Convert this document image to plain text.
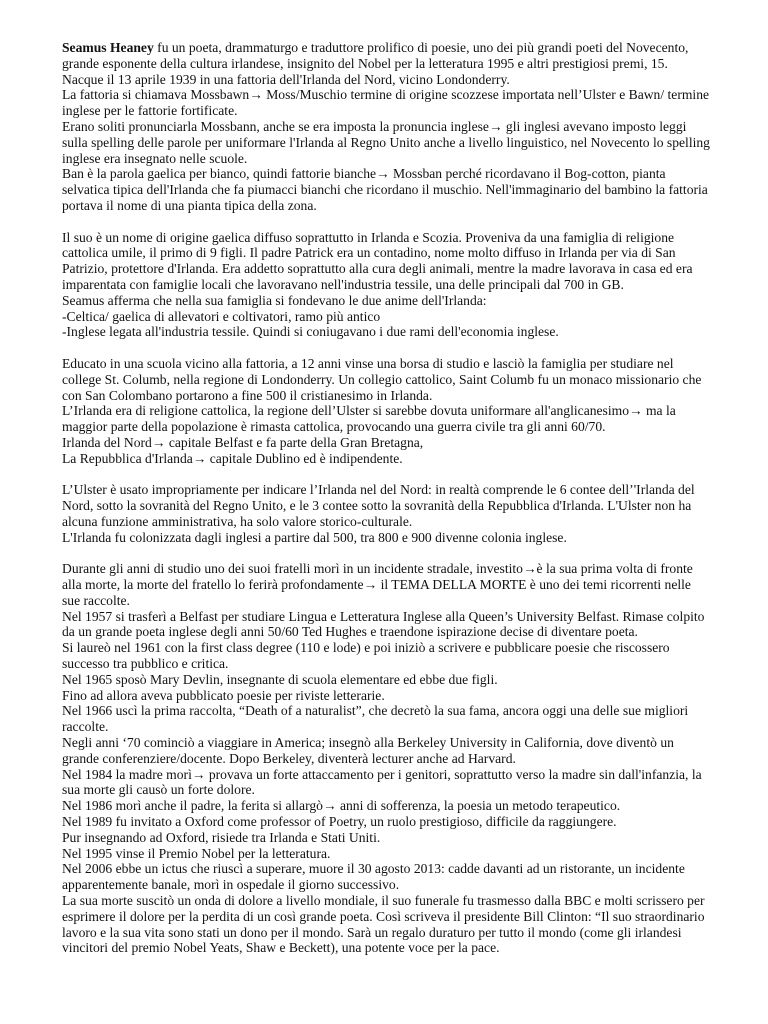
Seamus Heaney fu un poeta, drammaturgo e traduttore prolifico di poesie, uno dei più grandi poeti del Novecento, grande esponente della cultura irlandese, insignito del Nobel per la letteratura 1995 e altri prestigiosi premi, 15.

Nacque il 13 aprile 1939 in una fattoria dell'Irlanda del Nord, vicino Londonderry.

La fattoria si chiamava Mossbawn→ Moss/Muschio termine di origine scozzese importata nell’Ulster e Bawn/ termine inglese per le fattorie fortificate.

Erano soliti pronunciarla Mossbann, anche se era imposta la pronuncia inglese→ gli inglesi avevano imposto leggi sulla spelling delle parole per uniformare l'Irlanda al Regno Unito anche a livello linguistico, nel Novecento lo spelling inglese era insegnato nelle scuole.

Ban è la parola gaelica per bianco, quindi fattorie bianche→ Mossban perché ricordavano il Bog-cotton, pianta selvatica tipica dell'Irlanda che fa piumacci bianchi che ricordano il muschio. Nell'immaginario del bambino la fattoria portava il nome di una pianta tipica della zona.

Il suo è un nome di origine gaelica diffuso soprattutto in Irlanda e Scozia. Proveniva da una famiglia di religione cattolica umile, il primo di 9 figli. Il padre Patrick era un contadino, nome molto diffuso in Irlanda per via di San Patrizio, protettore d'Irlanda. Era addetto soprattutto alla cura degli animali, mentre la madre lavorava in casa ed era imparentata con famiglie locali che lavoravano nell'industria tessile, una delle principali dal 700 in GB.

Seamus afferma che nella sua famiglia si fondevano le due anime dell'Irlanda:

-Celtica/ gaelica di allevatori e coltivatori, ramo più antico

-Inglese legata all'industria tessile. Quindi si coniugavano i due rami dell'economia inglese.

Educato in una scuola vicino alla fattoria, a 12 anni vinse una borsa di studio e lasciò la famiglia per studiare nel college St. Columb, nella regione di Londonderry. Un collegio cattolico, Saint Columb fu un monaco missionario che con San Colombano portarono a fine 500 il cristianesimo in Irlanda.

L’Irlanda era di religione cattolica, la regione dell’Ulster si sarebbe dovuta uniformare all'anglicanesimo→ ma la maggior parte della popolazione è rimasta cattolica, provocando una guerra civile tra gli anni 60/70.

Irlanda del Nord→ capitale Belfast e fa parte della Gran Bretagna,

La Repubblica d'Irlanda→ capitale Dublino ed è indipendente.

L’Ulster è usato impropriamente per indicare l’Irlanda nel del Nord: in realtà comprende le 6 contee dell’'Irlanda del Nord, sotto la sovranità del Regno Unito, e le 3 contee sotto la sovranità della Repubblica d'Irlanda. L'Ulster non ha alcuna funzione amministrativa, ha solo valore storico-culturale.

L'Irlanda fu colonizzata dagli inglesi a partire dal 500, tra 800 e 900 divenne colonia inglese.

Durante gli anni di studio uno dei suoi fratelli morì in un incidente stradale, investito→è la sua prima volta di fronte alla morte, la morte del fratello lo ferirà profondamente→ il TEMA DELLA MORTE è uno dei temi ricorrenti nelle sue raccolte.

Nel 1957 si trasferì a Belfast per studiare Lingua e Letteratura Inglese alla Queen’s University Belfast. Rimase colpito da un grande poeta inglese degli anni 50/60 Ted Hughes e traendone ispirazione decise di diventare poeta.

Si laureò nel 1961 con la first class degree (110 e lode) e poi iniziò a scrivere e pubblicare poesie che riscossero successo tra pubblico e critica.

Nel 1965 sposò Mary Devlin, insegnante di scuola elementare ed ebbe due figli.

Fino ad allora aveva pubblicato poesie per riviste letterarie.

Nel 1966 uscì la prima raccolta, “Death of a naturalist”, che decretò la sua fama, ancora oggi una delle sue migliori raccolte.

Negli anni ‘70 cominciò a viaggiare in America; insegnò alla Berkeley University in California, dove diventò un grande conferenziere/docente. Dopo Berkeley, diventerà lecturer anche ad Harvard.

Nel 1984 la madre morì→ provava un forte attaccamento per i genitori, soprattutto verso la madre sin dall'infanzia, la sua morte gli causò un forte dolore.

Nel 1986 morì anche il padre, la ferita si allargò→ anni di sofferenza, la poesia un metodo terapeutico.

Nel 1989 fu invitato a Oxford come professor of Poetry, un ruolo prestigioso, difficile da raggiungere.

Pur insegnando ad Oxford, risiede tra Irlanda e Stati Uniti.

Nel 1995 vinse il Premio Nobel per la letteratura.

Nel 2006 ebbe un ictus che riuscì a superare, muore il 30 agosto 2013: cadde davanti ad un ristorante, un incidente apparentemente banale, morì in ospedale il giorno successivo.

La sua morte suscitò un onda di dolore a livello mondiale, il suo funerale fu trasmesso dalla BBC e molti scrissero per esprimere il dolore per la perdita di un così grande poeta. Così scriveva il presidente Bill Clinton: “Il suo straordinario lavoro e la sua vita sono stati un dono per il mondo. Sarà un regalo duraturo per tutto il mondo (come gli irlandesi vincitori del premio Nobel Yeats, Shaw e Beckett), una potente voce per la pace.
